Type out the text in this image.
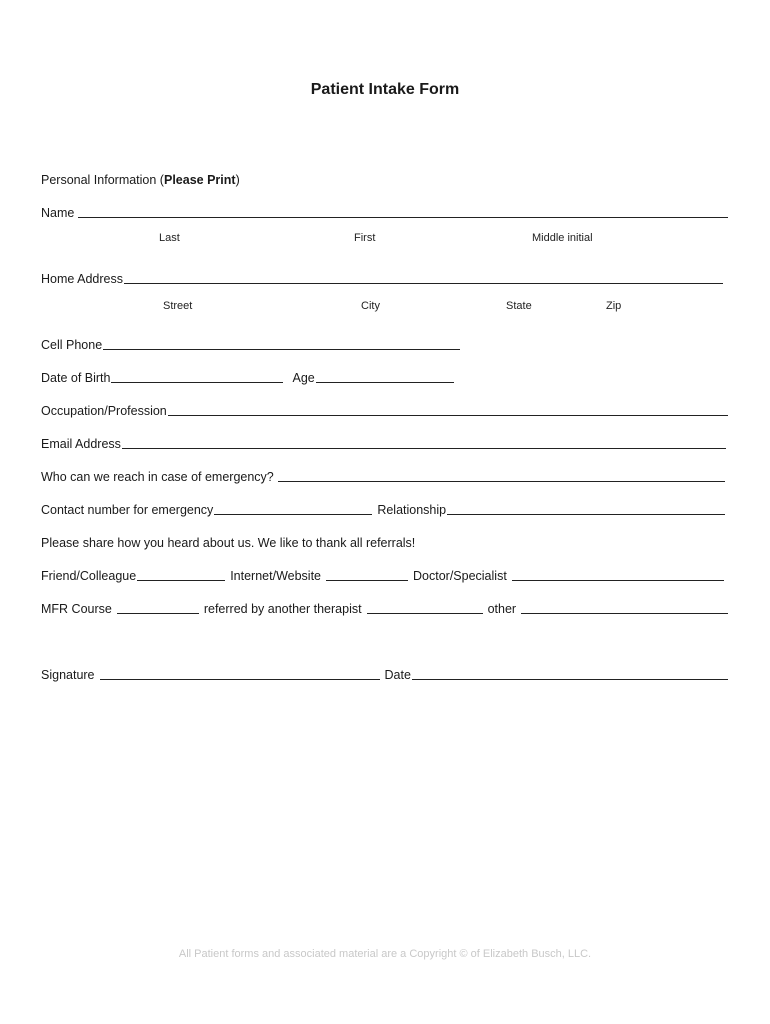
Patient Intake Form
Personal Information ( Please Print )
Name
Last	First	Middle initial
Home Address
Street	City	State	Zip
Cell Phone
Date of Birth	Age
Occupation/Profession
Email Address
Who can we reach in case of emergency?
Contact number for emergency	Relationship
Please share how you heard about us. We like to thank all referrals!
Friend/Colleague	Internet/Website	Doctor/Specialist
MFR Course	referred by another therapist	other
Signature	Date
All Patient forms and associated material are a Copyright © of Elizabeth Busch, LLC.
